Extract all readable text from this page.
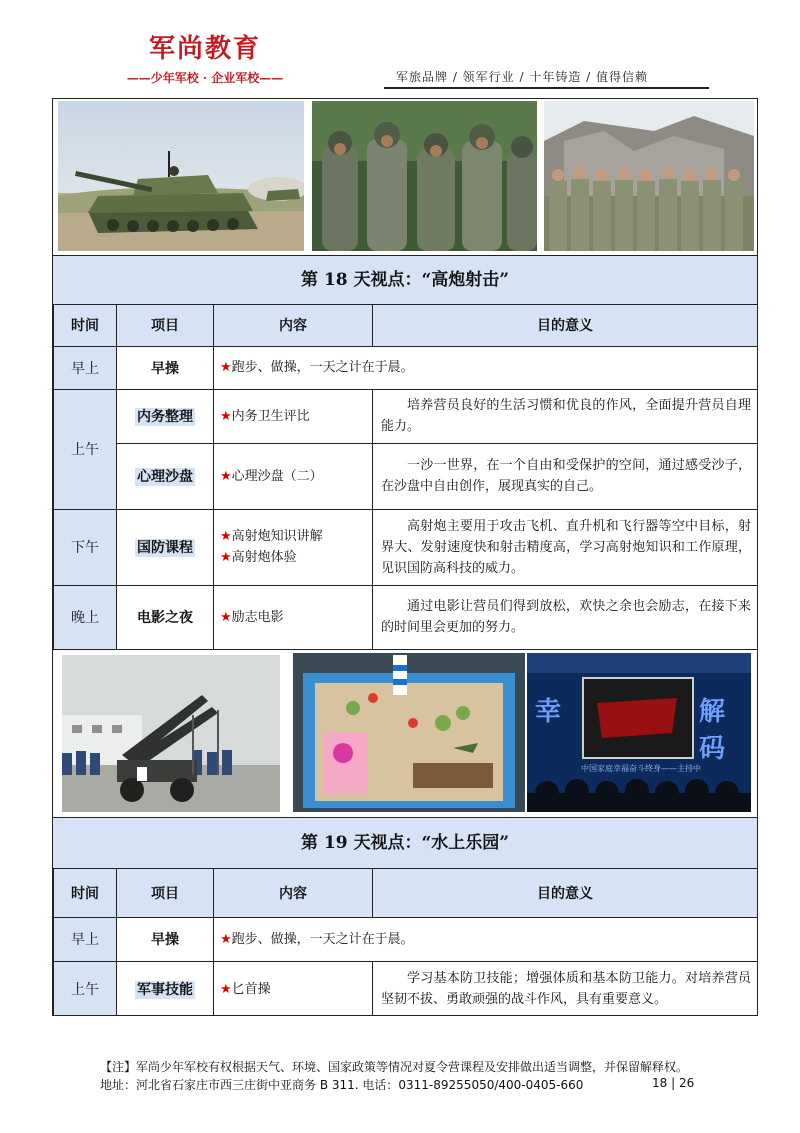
军尚教育
——少年军校 · 企业军校——	军旅品牌 / 领军行业 / 十年铸造 / 值得信赖
第 18 天视点：“高炮射击”
时间	项目	内容	目的意义
早上	早操	★跑步、做操，一天之计在于晨。	
上午	内务整理	★内务卫生评比	培养营员良好的生活习惯和优良的作风，全面提升营员自理能力。
	心理沙盘	★心理沙盘（二）	一沙一世界，在一个自由和受保护的空间，通过感受沙子，在沙盘中自由创作，展现真实的自己。
下午	国防课程	★高射炮知识讲解
★高射炮体验	高射炮主要用于攻击飞机、直升机和飞行器等空中目标，射界大、发射速度快和射击精度高，学习高射炮知识和工作原理，见识国防高科技的威力。
晚上	电影之夜	★励志电影	通过电影让营员们得到放松，欢快之余也会励志，在接下来的时间里会更加的努力。
幸	解码
中国家庭幸福奋斗终身——主持中
第 19 天视点：“水上乐园”
时间	项目	内容	目的意义
早上	早操	★跑步、做操，一天之计在于晨。	
上午	军事技能	★匕首操	学习基本防卫技能；增强体质和基本防卫能力。对培养营员坚韧不拔、勇敢顽强的战斗作风，具有重要意义。
【注】军尚少年军校有权根据天气、环境、国家政策等情况对夏令营课程及安排做出适当调整，并保留解释权。
地址：河北省石家庄市西三庄街中亚商务 B 311. 电话：0311-89255050/400-0405-660	18 | 26
